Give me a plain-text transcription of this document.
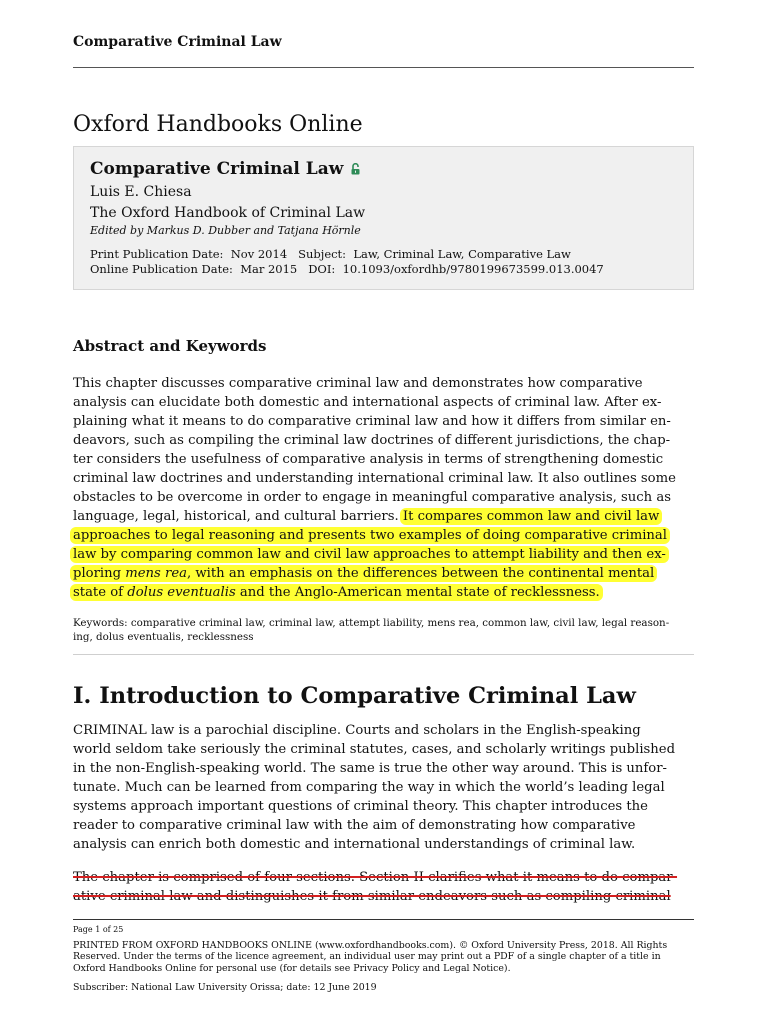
Comparative Criminal Law
Oxford Handbooks Online
Comparative Criminal Law
Luis E. Chiesa
The Oxford Handbook of Criminal Law
Edited by Markus D. Dubber and Tatjana Hörnle
Print Publication Date:  Nov 2014   Subject:  Law, Criminal Law, Comparative Law
Online Publication Date:  Mar 2015   DOI:  10.1093/oxfordhb/9780199673599.013.0047
Abstract and Keywords
This chapter discusses comparative criminal law and demonstrates how comparative
analysis can elucidate both domestic and international aspects of criminal law. After ex-
plaining what it means to do comparative criminal law and how it differs from similar en-
deavors, such as compiling the criminal law doctrines of different jurisdictions, the chap-
ter considers the usefulness of comparative analysis in terms of strengthening domestic
criminal law doctrines and understanding international criminal law. It also outlines some
obstacles to be overcome in order to engage in meaningful comparative analysis, such as
language, legal, historical, and cultural barriers. It compares common law and civil law
approaches to legal reasoning and presents two examples of doing comparative criminal
law by comparing common law and civil law approaches to attempt liability and then ex-
ploring mens rea, with an emphasis on the differences between the continental mental
state of dolus eventualis and the Anglo-American mental state of recklessness.
Keywords: comparative criminal law, criminal law, attempt liability, mens rea, common law, civil law, legal reason-
ing, dolus eventualis, recklessness
I. Introduction to Comparative Criminal Law
CRIMINAL law is a parochial discipline. Courts and scholars in the English-speaking
world seldom take seriously the criminal statutes, cases, and scholarly writings published
in the non-English-speaking world. The same is true the other way around. This is unfor-
tunate. Much can be learned from comparing the way in which the world’s leading legal
systems approach important questions of criminal theory. This chapter introduces the
reader to comparative criminal law with the aim of demonstrating how comparative
analysis can enrich both domestic and international understandings of criminal law.
The chapter is comprised of four sections. Section II clarifies what it means to do compar-
ative criminal law and distinguishes it from similar endeavors such as compiling criminal
Page 1 of 25
PRINTED FROM OXFORD HANDBOOKS ONLINE (www.oxfordhandbooks.com). © Oxford University Press, 2018. All Rights
Reserved. Under the terms of the licence agreement, an individual user may print out a PDF of a single chapter of a title in
Oxford Handbooks Online for personal use (for details see Privacy Policy and Legal Notice).
Subscriber: National Law University Orissa; date: 12 June 2019
